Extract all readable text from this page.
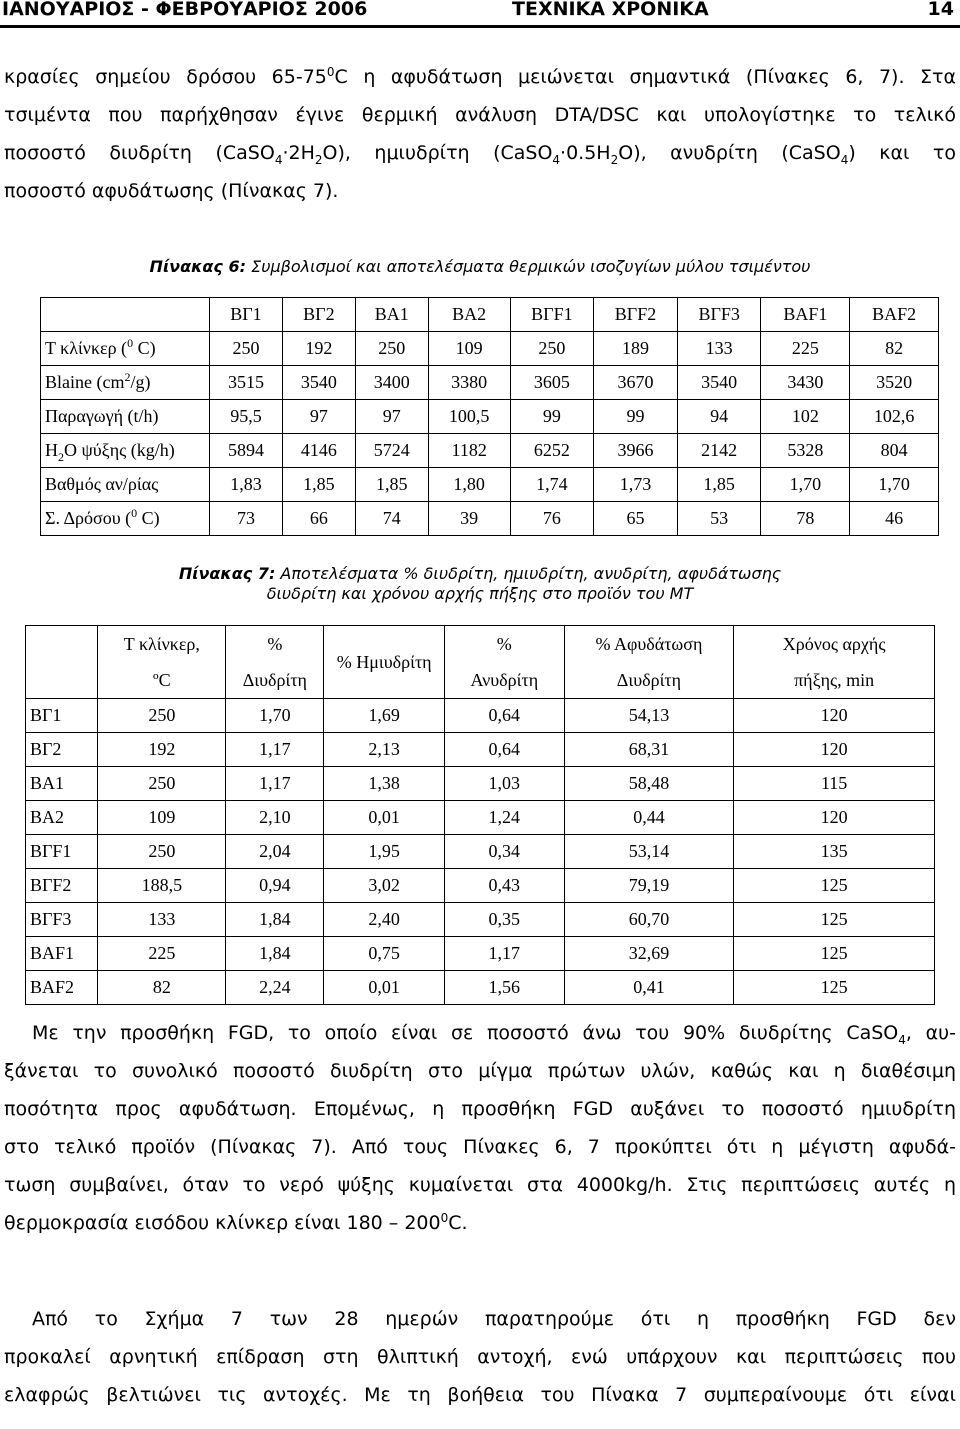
ΙΑΝΟΥΑΡΙΟΣ - ΦΕΒΡΟΥΑΡΙΟΣ 2006	ΤΕΧΝΙΚΑ ΧΡΟΝΙΚΑ	14
κρασίες σημείου δρόσου $65-75^0C$ η αφυδάτωση μειώνεται σημαντικά (Πίνακες 6, 7). Στα
τσιμέντα που παρήχθησαν έγινε θερμική ανάλυση DTA/DSC και υπολογίστηκε το τελικό
ποσοστό διυδρίτη $(CaSO_4\cdot 2H_2O)$, ημιυδρίτη $(CaSO_4\cdot 0.5H_2O)$, ανυδρίτη (CaSO$_4$) και το
ποσοστό αφυδάτωσης (Πίνακας 7).
Πίνακας 6: Συμβολισμοί και αποτελέσματα θερμικών ισοζυγίων μύλου τσιμέντου
	ΒΓ1	ΒΓ2	ΒΑ1	ΒΑ2	ΒΓF1	ΒΓF2	ΒΓF3	ΒΑF1	ΒΑF2
Τ κλίνκερ ($^0$ C)	250	192	250	109	250	189	133	225	82
Blaine $(cm^2/g)$	3515	3540	3400	3380	3605	3670	3540	3430	3520
Παραγωγή (t/h)	95,5	97	97	100,5	99	99	94	102	102,6
$H_2O$ ψύξης (kg/h)	5894	4146	5724	1182	6252	3966	2142	5328	804
Βαθμός αν/ρίας	1,83	1,85	1,85	1,80	1,74	1,73	1,85	1,70	1,70
Σ. Δρόσου ($^0$ C)	73	66	74	39	76	65	53	78	46
Πίνακας 7: Αποτελέσματα % διυδρίτη, ημιυδρίτη, ανυδρίτη, αφυδάτωσης
διυδρίτη και χρόνου αρχής πήξης στο προϊόν του ΜΤ
	Τ κλίνκερ,	%	% Ημιυδρίτη	%	% Αφυδάτωση	Χρόνος αρχής
	ºC	Διυδρίτη		Ανυδρίτη	Διυδρίτη	πήξης, min
ΒΓ1	250	1,70	1,69	0,64	54,13	120
ΒΓ2	192	1,17	2,13	0,64	68,31	120
ΒΑ1	250	1,17	1,38	1,03	58,48	115
ΒΑ2	109	2,10	0,01	1,24	0,44	120
ΒΓF1	250	2,04	1,95	0,34	53,14	135
ΒΓF2	188,5	0,94	3,02	0,43	79,19	125
ΒΓF3	133	1,84	2,40	0,35	60,70	125
ΒΑF1	225	1,84	0,75	1,17	32,69	125
ΒΑF2	82	2,24	0,01	1,56	0,41	125
Με την προσθήκη FGD, το οποίο είναι σε ποσοστό άνω του 90% διυδρίτης CaSO$_4$, αυ-
ξάνεται το συνολικό ποσοστό διυδρίτη στο μίγμα πρώτων υλών, καθώς και η διαθέσιμη
ποσότητα προς αφυδάτωση. Επομένως, η προσθήκη FGD αυξάνει το ποσοστό ημιυδρίτη
στο τελικό προϊόν (Πίνακας 7). Από τους Πίνακες 6, 7 προκύπτει ότι η μέγιστη αφυδά-
τωση συμβαίνει, όταν το νερό ψύξης κυμαίνεται στα 4000kg/h. Στις περιπτώσεις αυτές η
θερμοκρασία εισόδου κλίνκερ είναι $180 - 200^0C$.
Από το Σχήμα 7 των 28 ημερών παρατηρούμε ότι η προσθήκη FGD δεν
προκαλεί αρνητική επίδραση στη θλιπτική αντοχή, ενώ υπάρχουν και περιπτώσεις που
ελαφρώς βελτιώνει τις αντοχές. Με τη βοήθεια του Πίνακα 7 συμπεραίνουμε ότι είναι
